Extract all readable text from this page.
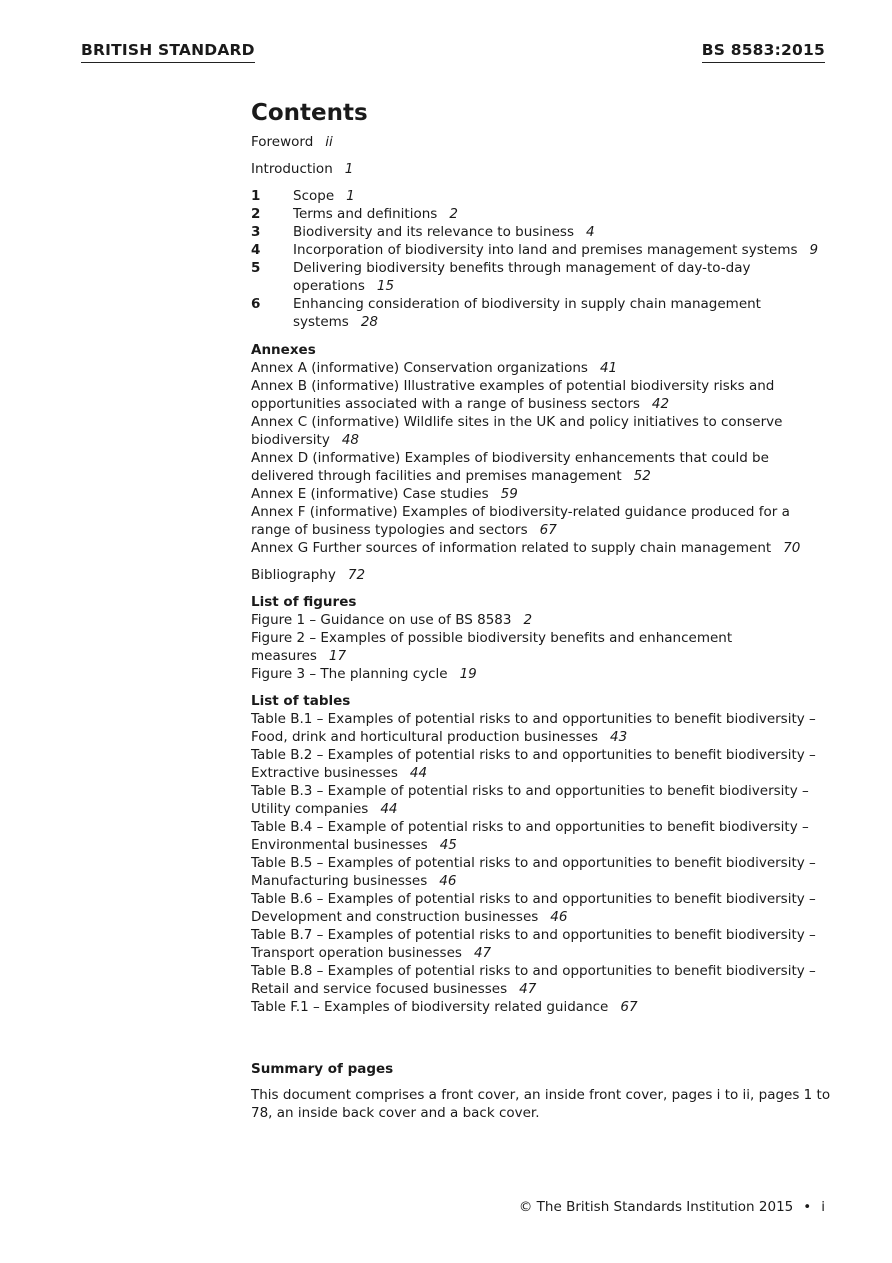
BRITISH STANDARD	BS 8583:2015
Contents
Foreword ii
Introduction 1
1	Scope 1
2	Terms and definitions 2
3	Biodiversity and its relevance to business 4
4	Incorporation of biodiversity into land and premises management systems 9
5	Delivering biodiversity benefits through management of day-to-day operations 15
6	Enhancing consideration of biodiversity in supply chain management systems 28
Annexes
Annex A (informative) Conservation organizations 41
Annex B (informative) Illustrative examples of potential biodiversity risks and opportunities associated with a range of business sectors 42
Annex C (informative) Wildlife sites in the UK and policy initiatives to conserve biodiversity 48
Annex D (informative) Examples of biodiversity enhancements that could be delivered through facilities and premises management 52
Annex E (informative) Case studies 59
Annex F (informative) Examples of biodiversity-related guidance produced for a range of business typologies and sectors 67
Annex G Further sources of information related to supply chain management 70
Bibliography 72
List of figures
Figure 1 – Guidance on use of BS 8583 2
Figure 2 – Examples of possible biodiversity benefits and enhancement measures 17
Figure 3 – The planning cycle 19
List of tables
Table B.1 – Examples of potential risks to and opportunities to benefit biodiversity – Food, drink and horticultural production businesses 43
Table B.2 – Examples of potential risks to and opportunities to benefit biodiversity – Extractive businesses 44
Table B.3 – Example of potential risks to and opportunities to benefit biodiversity – Utility companies 44
Table B.4 – Example of potential risks to and opportunities to benefit biodiversity – Environmental businesses 45
Table B.5 – Examples of potential risks to and opportunities to benefit biodiversity – Manufacturing businesses 46
Table B.6 – Examples of potential risks to and opportunities to benefit biodiversity – Development and construction businesses 46
Table B.7 – Examples of potential risks to and opportunities to benefit biodiversity – Transport operation businesses 47
Table B.8 – Examples of potential risks to and opportunities to benefit biodiversity – Retail and service focused businesses 47
Table F.1 – Examples of biodiversity related guidance 67
Summary of pages
This document comprises a front cover, an inside front cover, pages i to ii, pages 1 to 78, an inside back cover and a back cover.
© The British Standards Institution 2015 • i
